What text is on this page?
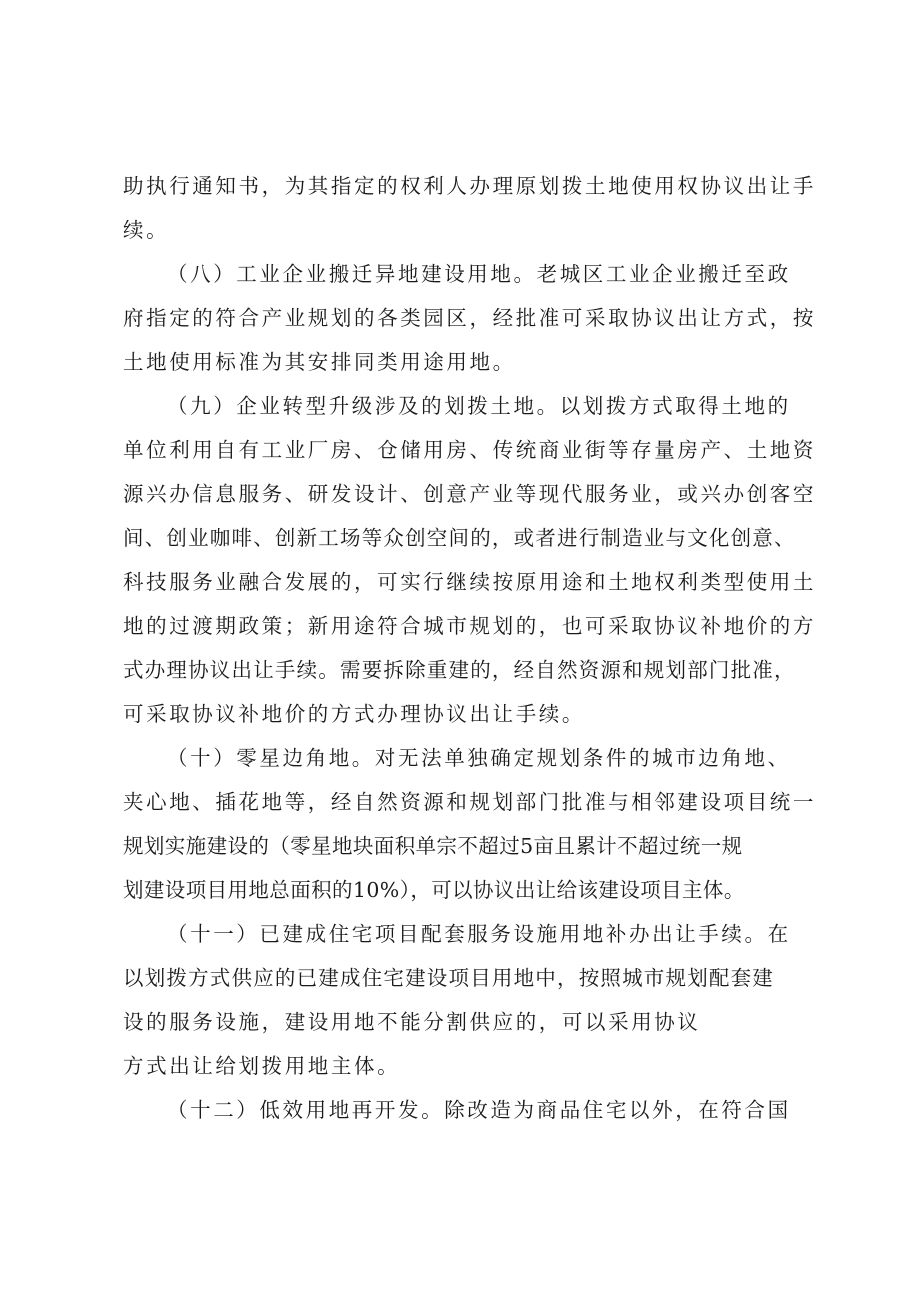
助执行通知书，为其指定的权利人办理原划拨土地使用权协议出让手
续。
（八）工业企业搬迁异地建设用地。老城区工业企业搬迁至政
府指定的符合产业规划的各类园区，经批准可采取协议出让方式，按
土地使用标准为其安排同类用途用地。
（九）企业转型升级涉及的划拨土地。以划拨方式取得土地的
单位利用自有工业厂房、仓储用房、传统商业街等存量房产、土地资
源兴办信息服务、研发设计、创意产业等现代服务业，或兴办创客空
间、创业咖啡、创新工场等众创空间的，或者进行制造业与文化创意、
科技服务业融合发展的，可实行继续按原用途和土地权利类型使用土
地的过渡期政策；新用途符合城市规划的，也可采取协议补地价的方
式办理协议出让手续。需要拆除重建的，经自然资源和规划部门批准，
可采取协议补地价的方式办理协议出让手续。
（十）零星边角地。对无法单独确定规划条件的城市边角地、
夹心地、插花地等，经自然资源和规划部门批准与相邻建设项目统一
规划实施建设的（零星地块面积单宗不超过5亩且累计不超过统一规
划建设项目用地总面积的10%），可以协议出让给该建设项目主体。
（十一）已建成住宅项目配套服务设施用地补办出让手续。在
以划拨方式供应的已建成住宅建设项目用地中，按照城市规划配套建
设的服务设施，建设用地不能分割供应的，可以采用协议
方式出让给划拨用地主体。
（十二）低效用地再开发。除改造为商品住宅以外，在符合国
